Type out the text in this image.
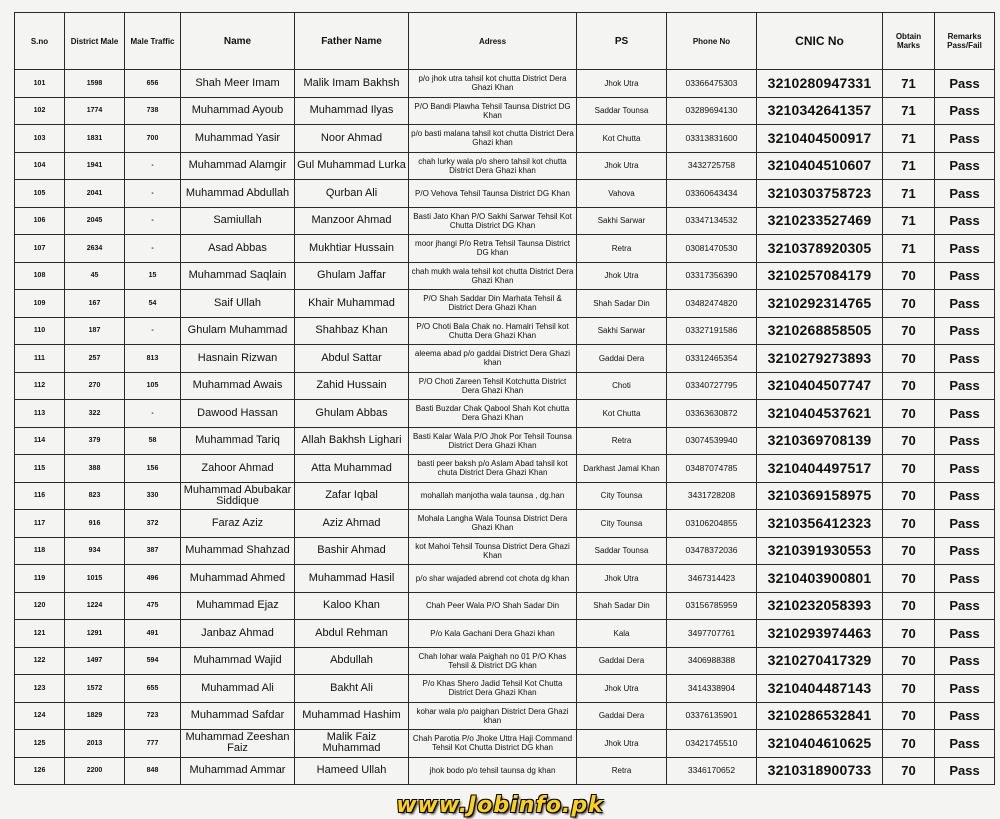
S.no	District Male	Male Traffic	Name	Father Name	Adress	PS	Phone No	CNIC No	Obtain Marks	Remarks Pass/Fail
101	1598	656	Shah Meer Imam	Malik Imam Bakhsh	p/o jhok utra tahsil kot chutta District Dera Ghazi Khan	Jhok Utra	03366475303	3210280947331	71	Pass
102	1774	738	Muhammad Ayoub	Muhammad Ilyas	P/O Bandi Plawha Tehsil Taunsa District DG Khan	Saddar Tounsa	03289694130	3210342641357	71	Pass
103	1831	700	Muhammad Yasir	Noor Ahmad	p/o basti malana tahsil kot chutta District Dera Ghazi khan	Kot Chutta	03313831600	3210404500917	71	Pass
104	1941	-	Muhammad Alamgir	Gul Muhammad Lurka	chah lurky wala p/o shero tahsil kot chutta District Dera Ghazi khan	Jhok Utra	3432725758	3210404510607	71	Pass
105	2041	-	Muhammad Abdullah	Qurban Ali	P/O Vehova Tehsil Taunsa District DG Khan	Vahova	03360643434	3210303758723	71	Pass
106	2045	-	Samiullah	Manzoor Ahmad	Basti Jato Khan P/O Sakhi Sarwar Tehsil Kot Chutta District DG Khan	Sakhi Sarwar	03347134532	3210233527469	71	Pass
107	2634	-	Asad Abbas	Mukhtiar Hussain	moor jhangi P/o Retra Tehsil Taunsa District DG khan	Retra	03081470530	3210378920305	71	Pass
108	45	15	Muhammad Saqlain	Ghulam Jaffar	chah mukh wala tehsil kot chutta District Dera Ghazi Khan	Jhok Utra	03317356390	3210257084179	70	Pass
109	167	54	Saif Ullah	Khair Muhammad	P/O Shah Saddar Din Marhata Tehsil & District Dera Ghazi Khan	Shah Sadar Din	03482474820	3210292314765	70	Pass
110	187	-	Ghulam Muhammad	Shahbaz Khan	P/O Choti Bala Chak no. Hamalri Tehsil kot Chutta Dera Ghazi Khan	Sakhi Sarwar	03327191586	3210268858505	70	Pass
111	257	813	Hasnain Rizwan	Abdul Sattar	aleema abad p/o gaddai District Dera Ghazi khan	Gaddai Dera	03312465354	3210279273893	70	Pass
112	270	105	Muhammad Awais	Zahid Hussain	P/O Choti Zareen Tehsil Kotchutta District Dera Ghazi Khan	Choti	03340727795	3210404507747	70	Pass
113	322	-	Dawood Hassan	Ghulam Abbas	Basti Buzdar Chak Qabool Shah Kot chutta Dera Ghazi Khan	Kot Chutta	03363630872	3210404537621	70	Pass
114	379	58	Muhammad Tariq	Allah Bakhsh Lighari	Basti Kalar Wala P/O Jhok Por Tehsil Tounsa District Dera Ghazi Khan	Retra	03074539940	3210369708139	70	Pass
115	388	156	Zahoor Ahmad	Atta Muhammad	basti peer baksh p/o Aslam Abad tahsil kot chuta District Dera Ghazi Khan	Darkhast Jamal Khan	03487074785	3210404497517	70	Pass
116	823	330	Muhammad Abubakar Siddique	Zafar Iqbal	mohallah manjotha wala taunsa , dg.han	City Tounsa	3431728208	3210369158975	70	Pass
117	916	372	Faraz Aziz	Aziz Ahmad	Mohala Langha Wala Tounsa District Dera Ghazi Khan	City Tounsa	03106204855	3210356412323	70	Pass
118	934	387	Muhammad Shahzad	Bashir Ahmad	kot Mahoi Tehsil Tounsa District Dera Ghazi Khan	Saddar Tounsa	03478372036	3210391930553	70	Pass
119	1015	496	Muhammad Ahmed	Muhammad Hasil	p/o shar wajaded abrend cot chota dg khan	Jhok Utra	3467314423	3210403900801	70	Pass
120	1224	475	Muhammad Ejaz	Kaloo Khan	Chah Peer Wala P/O Shah Sadar Din	Shah Sadar Din	03156785959	3210232058393	70	Pass
121	1291	491	Janbaz Ahmad	Abdul Rehman	P/o Kala Gachani Dera Ghazi khan	Kala	3497707761	3210293974463	70	Pass
122	1497	594	Muhammad Wajid	Abdullah	Chah lohar wala Paighah no 01 P/O Khas Tehsil & District DG khan	Gaddai Dera	3406988388	3210270417329	70	Pass
123	1572	655	Muhammad Ali	Bakht Ali	P/o Khas Shero Jadid Tehsil Kot Chutta District Dera Ghazi Khan	Jhok Utra	3414338904	3210404487143	70	Pass
124	1829	723	Muhammad Safdar	Muhammad Hashim	kohar wala p/o paighan District Dera Ghazi khan	Gaddai Dera	03376135901	3210286532841	70	Pass
125	2013	777	Muhammad Zeeshan Faiz	Malik Faiz Muhammad	Chah Parotia P/o Jhoke Uttra Haji Command Tehsil Kot Chutta District DG khan	Jhok Utra	03421745510	3210404610625	70	Pass
126	2200	848	Muhammad Ammar	Hameed Ullah	jhok bodo p/o tehsil taunsa dg khan	Retra	3346170652	3210318900733	70	Pass
www.Jobinfo.pk
